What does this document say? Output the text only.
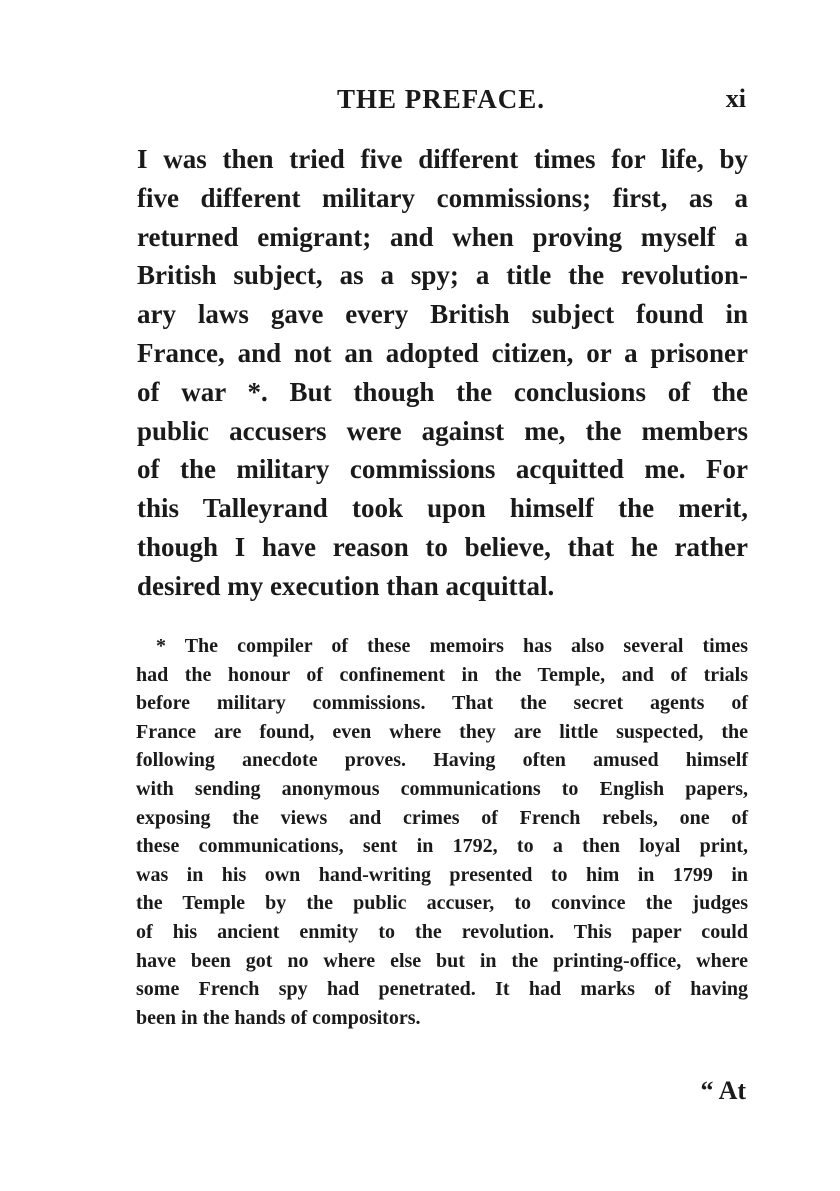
THE PREFACE.	xi
I was then tried five different times for life, by
five different military commissions; first, as a
returned emigrant; and when proving myself a
British subject, as a spy; a title the revolution-
ary laws gave every British subject found in
France, and not an adopted citizen, or a prisoner
of war *. But though the conclusions of the
public accusers were against me, the members
of the military commissions acquitted me. For
this Talleyrand took upon himself the merit,
though I have reason to believe, that he rather
desired my execution than acquittal.
* The compiler of these memoirs has also several times
had the honour of confinement in the Temple, and of trials
before military commissions. That the secret agents of
France are found, even where they are little suspected, the
following anecdote proves. Having often amused himself
with sending anonymous communications to English papers,
exposing the views and crimes of French rebels, one of
these communications, sent in 1792, to a then loyal print,
was in his own hand-writing presented to him in 1799 in
the Temple by the public accuser, to convince the judges
of his ancient enmity to the revolution. This paper could
have been got no where else but in the printing-office, where
some French spy had penetrated. It had marks of having
been in the hands of compositors.
“ At
